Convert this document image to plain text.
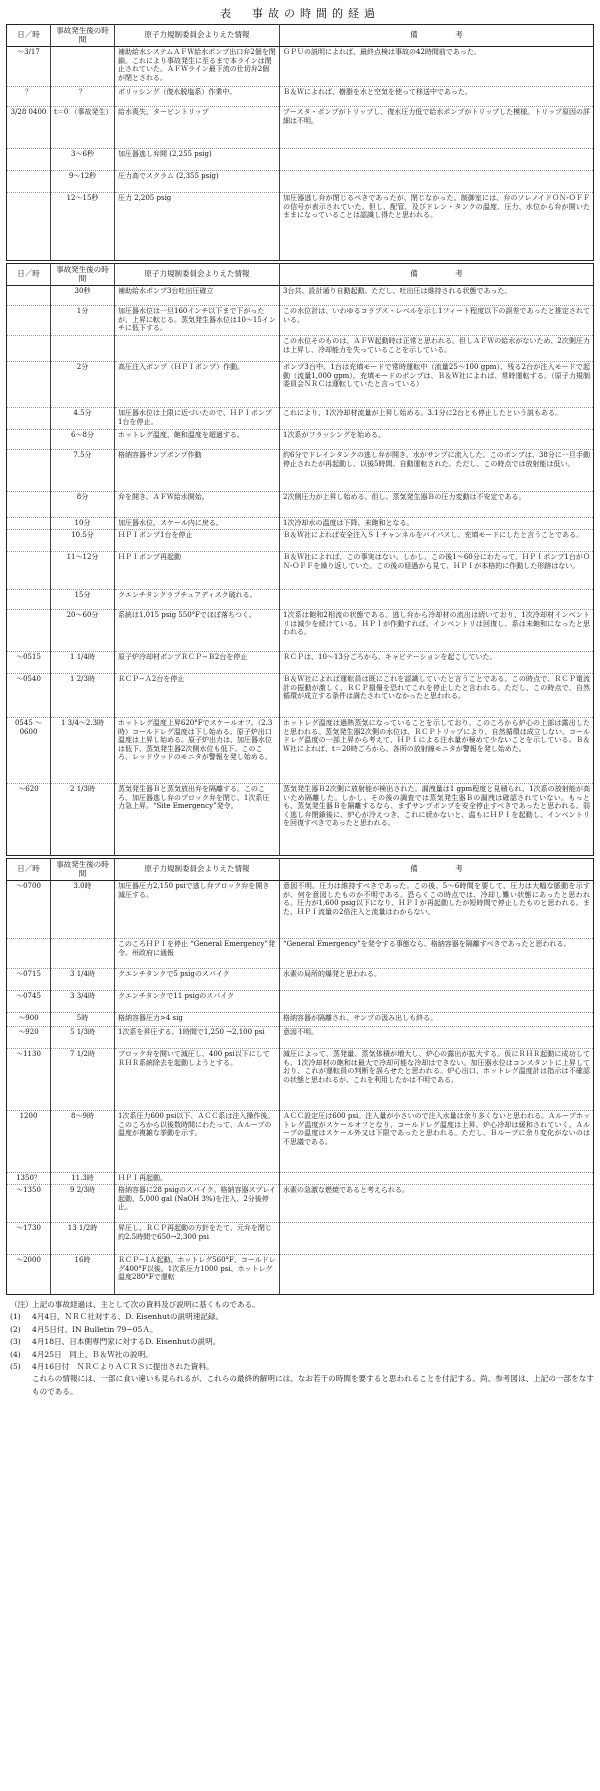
表　事故の時間的経過
日／時	事故発生後の時間	原子力規制委員会よりえた情報	備　　　　　考
〜3/17		補助給水システムＡＦＷ給水ポンプ出口弁2個を閉鎖。これにより事故発生に至るまで本ラインは閉止されていた。ＡＦＷライン最下流の仕切弁2個が閉とされる。	ＧＰＵの説明によれば、最終点検は事故の42時間前であった。
？	？	ポリッシング（復水脱塩系）作業中。	Ｂ＆Ｗによれば、樹脂を水と空気を使って移送中であった。
3/28 0400	t＝0 （事故発生）	給水喪失、タービントリップ	ブースタ・ポンプがトリップし、復水圧力低で給水ポンプがトリップした模様。トリップ原因の詳細は不明。
	3〜6秒	加圧器逃し弁開 (2,255 psig)	
	9〜12秒	圧力高でスクラム (2,355 psig)	
	12〜15秒	圧力 2,205 psig	加圧器逃し弁が閉じるべきであったが、閉じなかった。制御室には、弁のソレノイドＯＮ-ＯＦＦの信号が表示されていた。但し、配管、及びドレン・タンクの温度、圧力、水位から弁が開いたままになっていることは認識し得たと思われる。
日／時	事故発生後の時間	原子力規制委員会よりえた情報	備　　　　　考
	30秒	補助給水ポンプ3台吐出圧確立	3台共、設計通り自動起動。ただし、吐出圧は維持される状態であった。
	1分	加圧器水位は一旦160インチ以下まで下がったが、上昇に転じる。蒸気発生器水位は10〜15インチに低下する。	この水位計は、いわゆるコラプス・レベルを示し1フィート程度以下の誤差であったと推定されている。
			この水位そのものは、ＡＦＷ起動時は正常と思われる。但しＡＦＷの給水がないため、2次側圧力は上昇し、冷却能力を失っていることを示している。
	2分	高圧注入ポンプ（ＨＰＩポンプ）作動。	ポンプ3台中、1台は充填モードで常時運転中（流量25〜100 gpm）、残る2台が注入モードで起動（流量1,000 gpm）。充填モードのポンプは、Ｂ＆Ｗ社によれば、常時運転する。（原子力規制委員会ＮＲＣは運転していたと言っている）
	4.5分	加圧器水位は上限に近づいたので、ＨＰＩポンプ1台を停止。	これにより、1次冷却材流量が上昇し始める。3.1分に2台とも停止したという説もある。
	6〜8分	ホットレグ温度、飽和温度を超過する。	1次系がフラッシングを始める。
	7.5分	格納容器サンプポンプ作動	約6分でドレインタンクの逃し弁が開き、水がサンプに流入した。このポンプは、38分に一旦手動停止されたが再起動し、以後5時間、自動運転された。ただし、この時点では放射能は低い。
	8分	弁を開き、ＡＦＷ給水開始。	2次側圧力が上昇し始める。但し、蒸気発生器Ｂの圧力変動は不安定である。
	10分	加圧器水位、スケール内に戻る。	1次冷却水の温度は下降、未飽和となる。
	10.5分	ＨＰＩポンプ1台を停止	Ｂ＆Ｗ社によれば安全注入ＳＩチャンネルをバイパスし、充填モードにしたと言うことである。
	11〜12分	ＨＰＩポンプ再起動	Ｂ＆Ｗ社によれば、この事実はない。しかし、この後1〜60分にわたって、ＨＰＩポンプ1台がＯＮ-ＯＦＦを繰り返していた。この後の経過から見て、ＨＰＩが本格的に作動した形跡はない。
	15分	クエンチタンクラプチュアディスク破れる。	
	20〜60分	系統は1,015 psig 550°Fでほぼ落ちつく。	1次系は飽和2相流の状態である。逃し弁から冷却材の流出は続いており、1次冷却材インベントリは減少を続けている。ＨＰＩが作動すれば、インベントリは回復し、系は未飽和になったと思われる。
〜0515	1 1/4時	原子炉冷却材ポンプＲＣＰ−Ｂ2台を停止	ＲＣＰは、10〜13分ごろから、キャビテーションを起こしていた。
〜0540	1 2/3時	ＲＣＰ−Ａ2台を停止	Ｂ＆Ｗ社によれば運転員は既にこれを認識していたと言うことである。この時点で、ＲＣＰ電流計の振動が激しく、ＲＣＰ損傷を恐れてこれを停止したと言われる。ただし、この時点で、自然循環が成立する条件は満たされていなかったと思われる。
0545 〜0600	1 3/4〜2.3時	ホットレグ温度上昇620°Fでスケールオフ。（2.3時）コールドレグ温度は下し始める。原子炉出口温度は上昇し始める。原子炉出力は、加圧器水位は低下、蒸気発生器2次側水位も低下。このころ、レッドウッドのモニタが警報を発し始める。	ホットレグ温度は過熱蒸気になっていることを示しており、このころから炉心の上部は露出したと思われる。蒸気発生器2次側の水位は、ＲＣＰトリップにより、自然循環は成立しない。コールドレグ温度の一部上昇から考えて、ＨＰＩによる注水量が極めて少ないことを示している。Ｂ＆Ｗ社によれば、t＝20時ごろから、各所の放射線モニタが警報を発し始めた。
〜620	2 1/3時	蒸気発生器Ｂと蒸気放出弁を隔離する。このころ、加圧器逃し弁のブロック弁を閉じ、1次系圧力急上昇。“Site Emergency”発令。	蒸気発生器Ｂ2次側に放射能が検出された。漏洩量は1 gpm程度と見積られ、1次系の放射能が高いため隔離した。しかし、その後の調査では蒸気発生器Ｂの漏洩は確認されていない。もっとも、蒸気発生器Ｂを隔離するなら、まずサンプポンプを安全停止すべきであったと思われる。弱く逃し弁閉鎖後に、炉心が冷えつき、これに続かないと、温もにＨＰＩを起動し、インベントリを回復すべきであったと思われる。
日／時	事故発生後の時間	原子力規制委員会よりえた情報	備　　　　　考
〜0700	3.0時	加圧器圧力2,150 psiで逃し弁ブロック弁を開き減圧する。	意図不明。圧力は維持すべきであった。この後、5〜6時間を要して、圧力は大幅な脈動を示すが、何を意図したものか不明である。恐らくこの時点では、冷却し難い状態にあったと思われる。圧力が1,600 psig以下になり、ＨＰＩが再起動したが短時間で停止したものと思われる。また、ＨＰＩ流量の2倍注入と流量はわからない。
		このころＨＰＩを停止 “General Emergency”発令。州政府に通報	“General Emergency”を発令する事態なら、格納容器を隔離すべきであったと思われる。
〜0715	3 1/4時	クエンチタンクで5 psigのスパイク	水素の局所的爆発と思われる。
〜0745	3 3/4時	クエンチタンクで11 psigのスパイク	
〜900	5時	格納容器圧力>4 sig	格納容器が隔離され、サンプの汲み出しも終る。
〜920	5 1/3時	1次系を昇圧する。1時間で1,250 →2,100 psi	意図不明。
〜1130	7 1/2時	ブロック弁を開いて減圧し、400 psi以下にしてＲＨＲ系統除去を起動しようとする。	減圧によって、蒸発量、蒸気体積が増大し、炉心の露出が拡大する。仮にＲＨＲ起動に成功しても、1次冷却材の飽和は最大で冷却可能な冷却はできない。加圧器水位はコンスタントに上昇しており、これが運転員の判断を誤らせたと思われる。炉心出口、ホットレグ温度計は指示は不確認の状態と思われるが、これを利用したかは不明である。
1200	8〜9時	1次系圧力600 psi以下、ＡＣＣ系は注入操作後。このころから以後数時間にわたって、Ａループの温度が複雑な挙動を示す。	ＡＣＣ設定圧は600 psi。注入量が小さいので注入水量は余り多くないと思われる。Ａループホットレグ温度がスケールオフとなり、コールドレグ温度は上昇、炉心冷却は緩和されていく。Ａループの温度はスケール外又は下限であったと思われる。ただし、Ｂループに余り変化がないのは不思議である。
1350？	11.3時	ＨＰＩ再起動。	
〜1350	9 2/3時	格納容器に28 psigのスパイク。格納容器スプレイ起動、5,000 gal (NaOH 3%)を注入、2分後停止。	水素の急激な燃焼であると考えられる。
〜1730	13 1/2時	昇圧し、ＲＣＰ再起動の方針をたて、元弁を閉じ約2.5時間で650→2,300 psi	
〜2000	16時	ＲＣＰ−1Ａ起動、ホットレグ560°F、コールドレグ400°F以後、1次系圧力1000 psi、ホットレグ温度280°Fで運転	
（注） 上記の事故経過は、主として次の資料及び説明に基くものである。
(1)	4月4日、ＮＲＣ社対する、D. Eisenhutの説明速記録。
(2)	4月5日付、IN Bulletin 79−05Ａ。
(3)	4月18日、日本側専門家に対するD. Eisenhutの説明。
(4)	4月25日　同上、Ｂ＆Ｗ社の説明。
(5)	4月16日付　ＮＲＣよりＡＣＲＳに提出された資料。
これらの情報には、一部に食い違いも見られるが、これらの最終的解明には、なお若干の時間を要すると思われることを付記する。尚、参考図は、上記の一部をなすものである。
